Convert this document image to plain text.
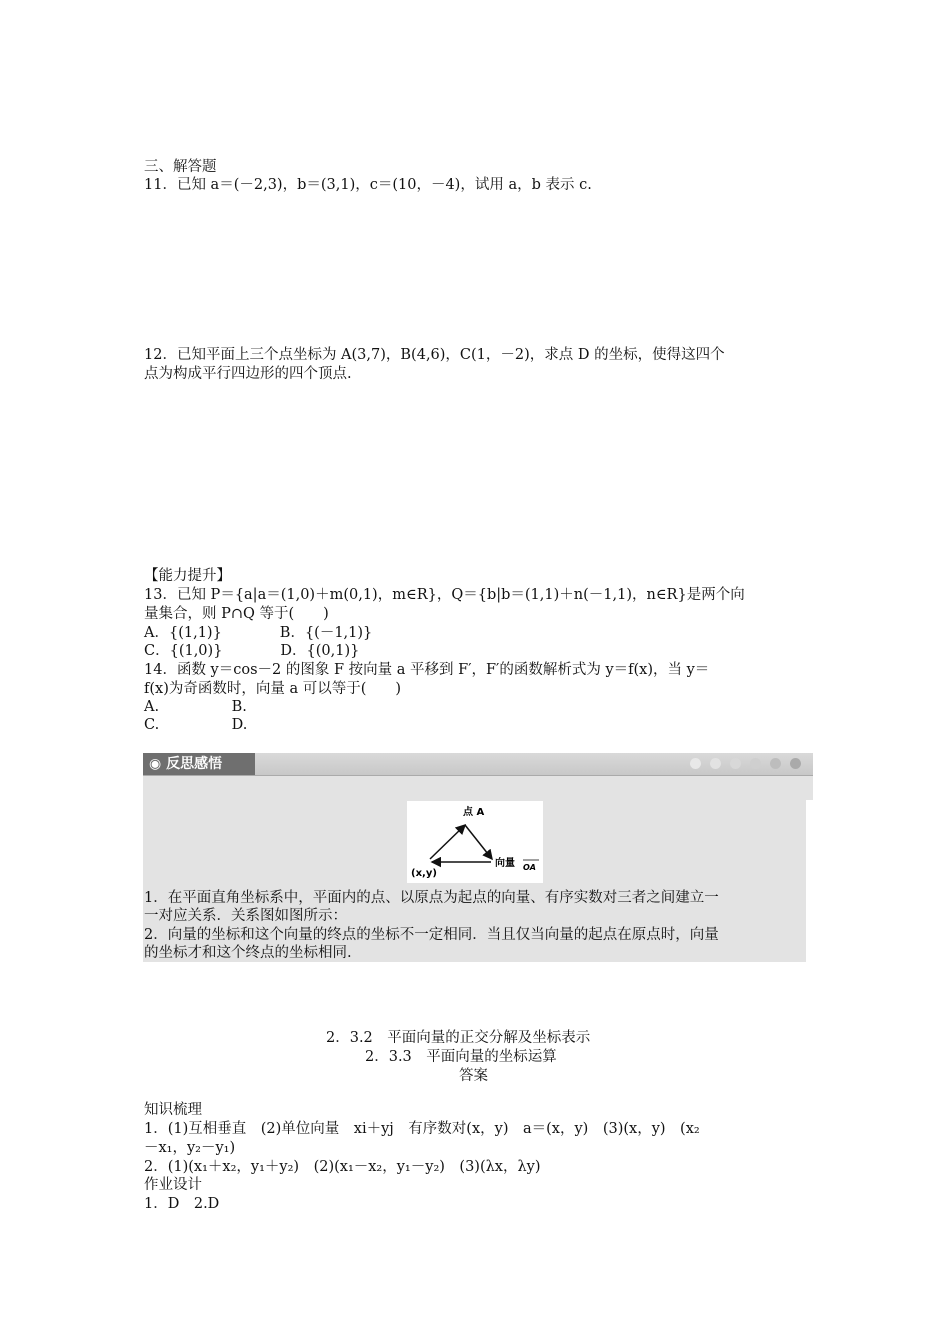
三、解答题
11．已知 a＝(－2,3)，b＝(3,1)，c＝(10，－4)，试用 a，b 表示 c.
12．已知平面上三个点坐标为 A(3,7)，B(4,6)，C(1，－2)，求点 D 的坐标，使得这四个
点为构成平行四边形的四个顶点.
【能力提升】
13．已知 P＝{a|a＝(1,0)＋m(0,1)，m∈R}，Q＝{b|b＝(1,1)＋n(－1,1)，n∈R}是两个向
量集合，则 P∩Q 等于(　　)
A．{(1,1)}　　　　B．{(－1,1)}
C．{(1,0)}　　　　D．{(0,1)}
14．函数 y＝cos－2 的图象 F 按向量 a 平移到 F′，F′的函数解析式为 y＝f(x)，当 y＝
f(x)为奇函数时，向量 a 可以等于(　　)
A.　　　　　B.
C.　　　　　D.
◉ 反思感悟
点 A
(x,y)
向量 OA
1．在平面直角坐标系中，平面内的点、以原点为起点的向量、有序实数对三者之间建立一
一对应关系．关系图如图所示：
2．向量的坐标和这个向量的终点的坐标不一定相同．当且仅当向量的起点在原点时，向量
的坐标才和这个终点的坐标相同.
2．3.2　平面向量的正交分解及坐标表示
2．3.3　平面向量的坐标运算
答案
知识梳理
1．(1)互相垂直　(2)单位向量　xi＋yj　有序数对(x，y)　a＝(x，y)　(3)(x，y)　(x₂
－x₁，y₂－y₁)
2．(1)(x₁＋x₂，y₁＋y₂)　(2)(x₁－x₂，y₁－y₂)　(3)(λx，λy)
作业设计
1．D　2.D
